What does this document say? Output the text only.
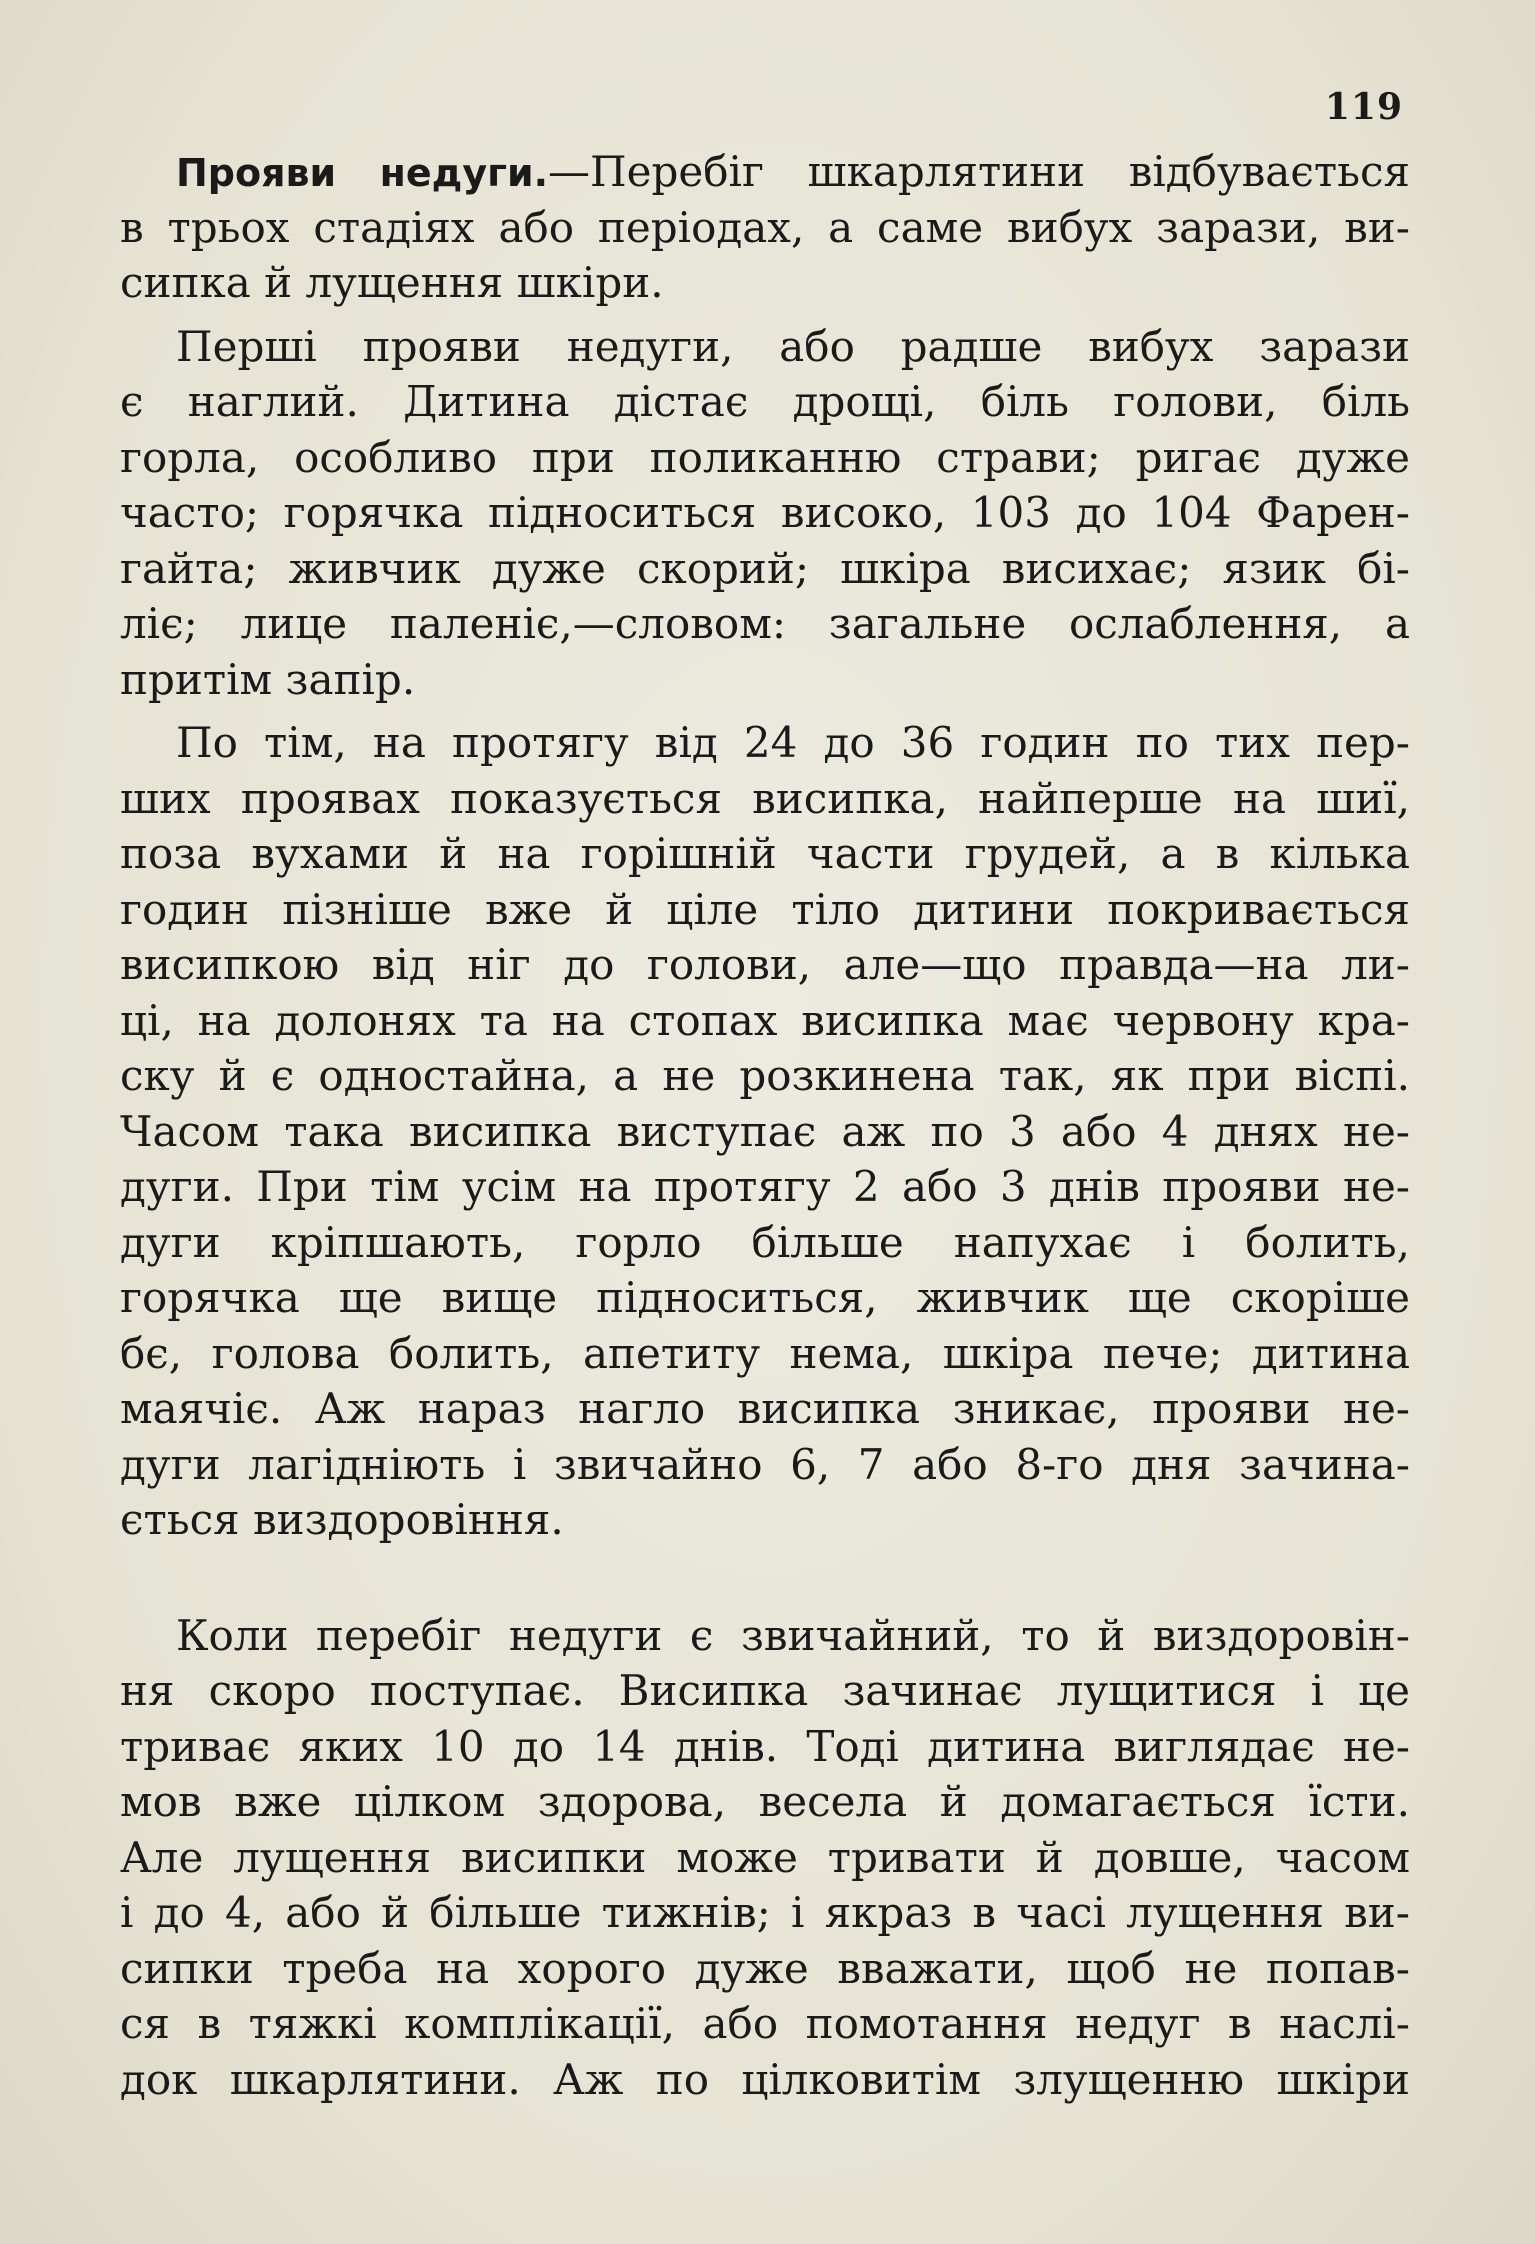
119

Прояви недуги.—Перебіг шкарлятини відбувається
в трьох стадіях або періодах, а саме вибух зарази, ви-
сипка й лущення шкіри.

Перші прояви недуги, або радше вибух зарази
є наглий. Дитина дістає дрощі, біль голови, біль
горла, особливо при поликанню страви; ригає дуже
часто; горячка підноситься високо, 103 до 104 Фарен-
гайта; живчик дуже скорий; шкіра висихає; язик бі-
ліє; лице паленіє,—словом: загальне ослаблення, а
притім запір.

По тім, на протягу від 24 до 36 годин по тих пер-
ших проявах показується висипка, найперше на шиї,
поза вухами й на горішній части грудей, а в кілька
годин пізніше вже й ціле тіло дитини покривається
висипкою від ніг до голови, але—що правда—на ли-
ці, на долонях та на стопах висипка має червону кра-
ску й є одностайна, а не розкинена так, як при віспі.
Часом така висипка виступає аж по 3 або 4 днях не-
дуги. При тім усім на протягу 2 або 3 днів прояви не-
дуги кріпшають, горло більше напухає і болить,
горячка ще вище підноситься, живчик ще скоріше
бє, голова болить, апетиту нема, шкіра пече; дитина
маячіє. Аж нараз нагло висипка зникає, прояви не-
дуги лагідніють і звичайно 6, 7 або 8-го дня зачина-
ється виздоровіння.

Коли перебіг недуги є звичайний, то й виздоровін-
ня скоро поступає. Висипка зачинає лущитися і це
триває яких 10 до 14 днів. Тоді дитина виглядає не-
мов вже цілком здорова, весела й домагається їсти.
Але лущення висипки може тривати й довше, часом
і до 4, або й більше тижнів; і якраз в часі лущення ви-
сипки треба на хорого дуже вважати, щоб не попав-
ся в тяжкі комплікації, або помотання недуг в наслі-
док шкарлятини. Аж по цілковитім злущенню шкіри
